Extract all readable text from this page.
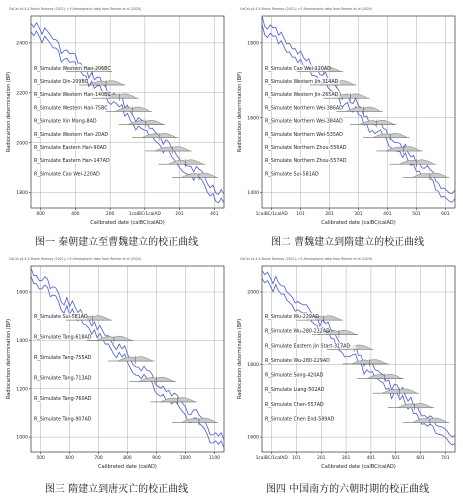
OxCal v4.4.4 Bronk Ramsey (2021); r:5 Atmospheric data from Reimer et al (2020)
2400
2200
2000
1800
600	400	200	1calBC/1calAD	201	401
Calibrated date (calBC/calAD)
Radiocarbon determination (BP)
R_Simulate Western Han-206BC
R_Simulate Qin-209BC
R_Simulate Western Han-140BC
R_Simulate Western Han-75BC
R_Simulate Xin Mang-8AD
R_Simulate Western Han-20AD
R_Simulate Eastern Han-90AD
R_Simulate Eastern Han-147AD
R_Simulate Cao Wei-220AD
OxCal v4.4.4 Bronk Ramsey (2021); r:5 Atmospheric data from Reimer et al (2020)
1800
1600
1400
1calBC/1calAD 101	201	301	401	501	601
Calibrated date (calBC/calAD)
Radiocarbon determination (BP)
R_Simulate Cao Wei-220AD
R_Simulate Western Jin-314AD
R_Simulate Western Jin-265AD
R_Simulate Northern Wei-386AD
R_Simulate Northern Wei-384AD
R_Simulate Northern Wei-535AD
R_Simulate Northern Zhou-556AD
R_Simulate Northern Zhou-557AD
R_Simulate Sui-581AD
OxCal v4.4.4 Bronk Ramsey (2021); r:5 Atmospheric data from Reimer et al (2020)
1600
1400
1200
1000
500	600	700	800	900	1000	1100
Calibrated date (calAD)
Radiocarbon determination (BP)
R_Simulate Sui-581AD
R_Simulate Tang-618AD
R_Simulate Tang-755AD
R_Simulate Tang-713AD
R_Simulate Tang-760AD
R_Simulate Tang-907AD
OxCal v4.4.4 Bronk Ramsey (2021); r:5 Atmospheric data from Reimer et al (2020)
2000
1800
1600
1calBC/1calAD 101	201	301	401	501	601	701
Calibrated date (calBC/calAD)
Radiocarbon determination (BP)
R_Simulate Wu-229AD
R_Simulate Wu-280-222AD
R_Simulate Eastern Jin Start-317AD
R_Simulate Wu-280-229AD
R_Simulate Song-420AD
R_Simulate Liang-502AD
R_Simulate Chen-557AD
R_Simulate Chen End-589AD
图一 秦朝建立至曹魏建立的校正曲线	图二 曹魏建立到隋建立的校正曲线
图三 隋建立到唐灭亡的校正曲线	图四 中国南方的六朝时期的校正曲线
